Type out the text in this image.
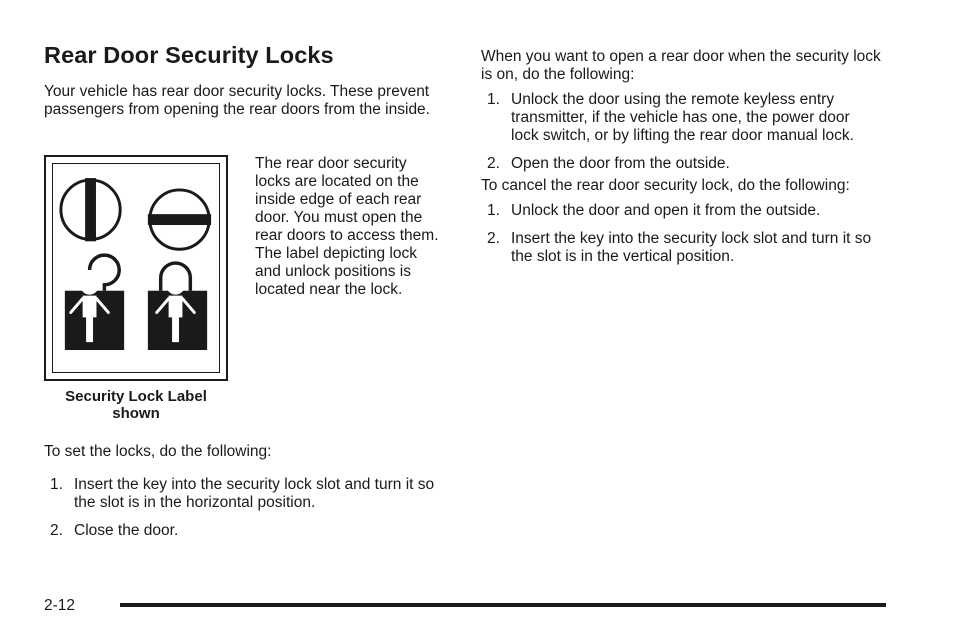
Rear Door Security Locks

Your vehicle has rear door security locks. These prevent passengers from opening the rear doors from the inside.

The rear door security locks are located on the inside edge of each rear door. You must open the rear doors to access them. The label depicting lock and unlock positions is located near the lock.

Security Lock Label
shown

To set the locks, do the following:

1. Insert the key into the security lock slot and turn it so the slot is in the horizontal position.
2. Close the door.

When you want to open a rear door when the security lock is on, do the following:

1. Unlock the door using the remote keyless entry transmitter, if the vehicle has one, the power door lock switch, or by lifting the rear door manual lock.
2. Open the door from the outside.

To cancel the rear door security lock, do the following:

1. Unlock the door and open it from the outside.
2. Insert the key into the security lock slot and turn it so the slot is in the vertical position.

2-12
